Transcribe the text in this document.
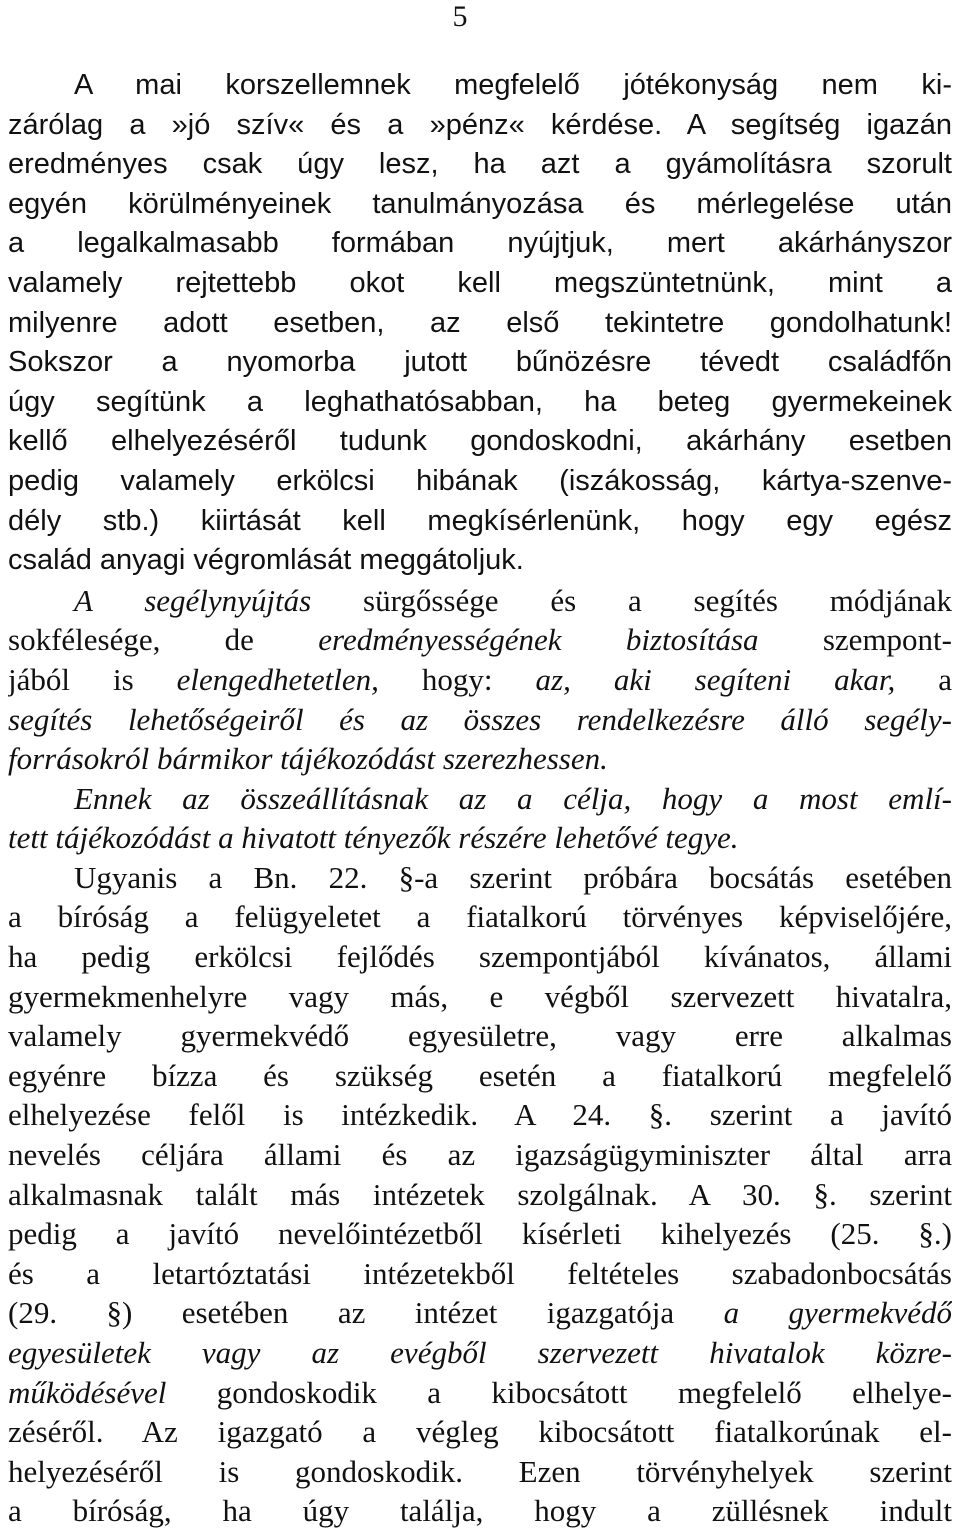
5
A mai korszellemnek megfelelő jótékonyság nem ki-
zárólag a »jó szív« és a »pénz« kérdése. A segítség igazán
eredményes csak úgy lesz, ha azt a gyámolításra szorult
egyén körülményeinek tanulmányozása és mérlegelése után
a legalkalmasabb formában nyújtjuk, mert akárhányszor
valamely rejtettebb okot kell megszüntetnünk, mint a
milyenre adott esetben, az első tekintetre gondolhatunk!
Sokszor a nyomorba jutott bűnözésre tévedt családfőn
úgy segítünk a leghathatósabban, ha beteg gyermekeinek
kellő elhelyezéséről tudunk gondoskodni, akárhány esetben
pedig valamely erkölcsi hibának (iszákosság, kártya-szenve-
dély stb.) kiirtását kell megkísérlenünk, hogy egy egész
család anyagi végromlását meggátoljuk.
A segélynyújtás sürgőssége és a segítés módjának
sokfélesége, de eredményességének biztosítása szempont-
jából is elengedhetetlen, hogy: az, aki segíteni akar, a
segítés lehetőségeiről és az összes rendelkezésre álló segély-
forrásokról bármikor tájékozódást szerezhessen.
Ennek az összeállításnak az a célja, hogy a most emlí-
tett tájékozódást a hivatott tényezők részére lehetővé tegye.
Ugyanis a Bn. 22. §-a szerint próbára bocsátás esetében
a bíróság a felügyeletet a fiatalkorú törvényes képviselőjére,
ha pedig erkölcsi fejlődés szempontjából kívánatos, állami
gyermekmenhelyre vagy más, e végből szervezett hivatalra,
valamely gyermekvédő egyesületre, vagy erre alkalmas
egyénre bízza és szükség esetén a fiatalkorú megfelelő
elhelyezése felől is intézkedik. A 24. §. szerint a javító
nevelés céljára állami és az igazságügyminiszter által arra
alkalmasnak talált más intézetek szolgálnak. A 30. §. szerint
pedig a javító nevelőintézetből kísérleti kihelyezés (25. §.)
és a letartóztatási intézetekből feltételes szabadonbocsátás
(29. §) esetében az intézet igazgatója a gyermekvédő
egyesületek vagy az evégből szervezett hivatalok közre-
működésével gondoskodik a kibocsátott megfelelő elhelye-
zéséről. Az igazgató a végleg kibocsátott fiatalkorúnak el-
helyezéséről is gondoskodik. Ezen törvényhelyek szerint
a bíróság, ha úgy találja, hogy a züllésnek indult
